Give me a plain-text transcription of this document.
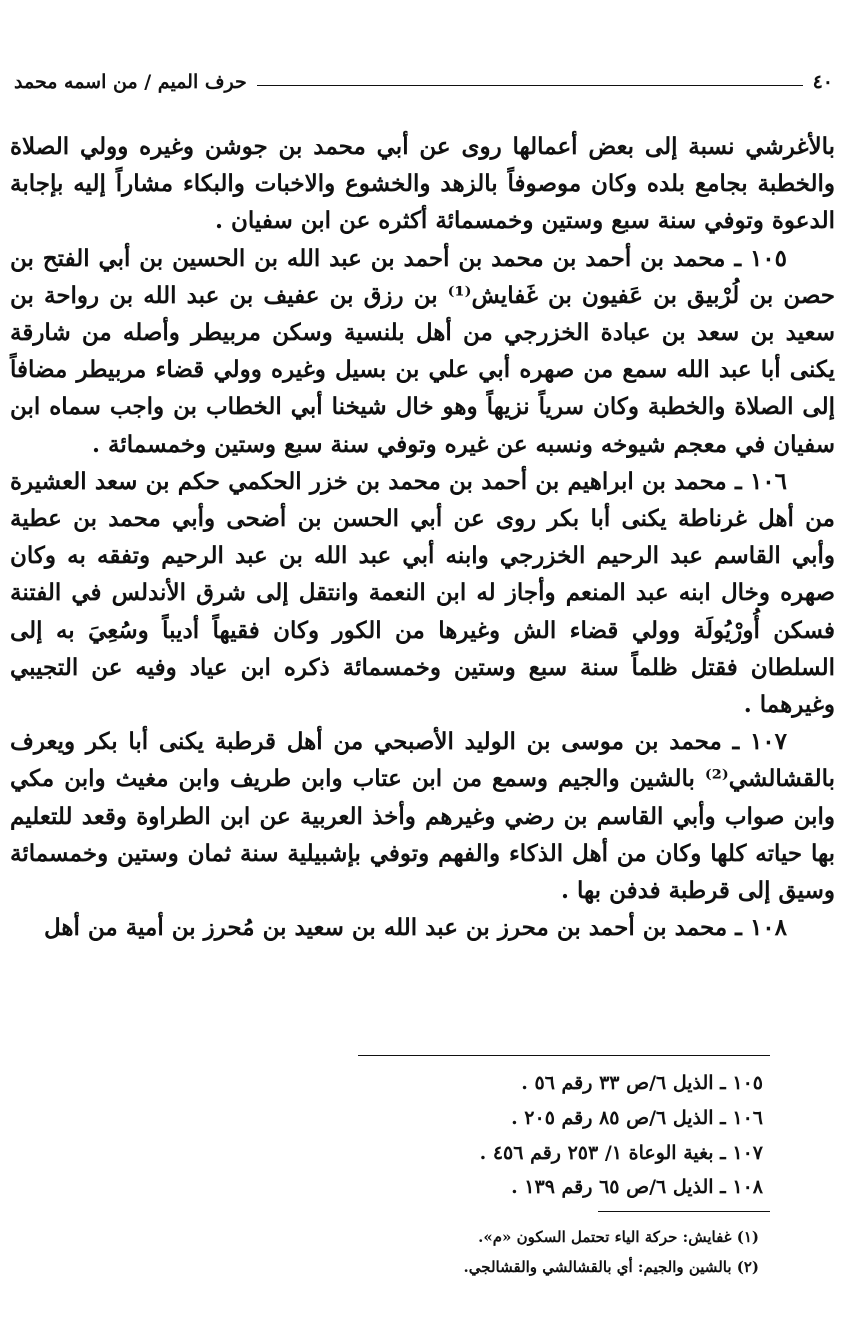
٤٠
حرف الميم / من اسمه محمد

بالأغرشي نسبة إلى بعض أعمالها روى عن أبي محمد بن جوشن وغيره وولي الصلاة والخطبة بجامع بلده وكان موصوفاً بالزهد والخشوع والاخبات والبكاء مشاراً إليه بإجابة الدعوة وتوفي سنة سبع وستين وخمسمائة أكثره عن ابن سفيان .

١٠٥ ـ محمد بن أحمد بن محمد بن أحمد بن عبد الله بن الحسين بن أبي الفتح بن حصن بن لُرْبيق بن عَفيون بن غَفايش⁽¹⁾ بن رزق بن عفيف بن عبد الله بن رواحة بن سعيد بن سعد بن عبادة الخزرجي من أهل بلنسية وسكن مربيطر وأصله من شارقة يكنى أبا عبد الله سمع من صهره أبي علي بن بسيل وغيره وولي قضاء مربيطر مضافاً إلى الصلاة والخطبة وكان سرياً نزيهاً وهو خال شيخنا أبي الخطاب بن واجب سماه ابن سفيان في معجم شيوخه ونسبه عن غيره وتوفي سنة سبع وستين وخمسمائة .

١٠٦ ـ محمد بن ابراهيم بن أحمد بن محمد بن خزر الحكمي حكم بن سعد العشيرة من أهل غرناطة يكنى أبا بكر روى عن أبي الحسن بن أضحى وأبي محمد بن عطية وأبي القاسم عبد الرحيم الخزرجي وابنه أبي عبد الله بن عبد الرحيم وتفقه به وكان صهره وخال ابنه عبد المنعم وأجاز له ابن النعمة وانتقل إلى شرق الأندلس في الفتنة فسكن أُورْيُولَة وولي قضاء الش وغيرها من الكور وكان فقيهاً أديباً وسُعِيَ به إلى السلطان فقتل ظلماً سنة سبع وستين وخمسمائة ذكره ابن عياد وفيه عن التجيبي وغيرهما .

١٠٧ ـ محمد بن موسى بن الوليد الأصبحي من أهل قرطبة يكنى أبا بكر ويعرف بالقشالشي⁽²⁾ بالشين والجيم وسمع من ابن عتاب وابن طريف وابن مغيث وابن مكي وابن صواب وأبي القاسم بن رضي وغيرهم وأخذ العربية عن ابن الطراوة وقعد للتعليم بها حياته كلها وكان من أهل الذكاء والفهم وتوفي بإشبيلية سنة ثمان وستين وخمسمائة وسيق إلى قرطبة فدفن بها .

١٠٨ ـ محمد بن أحمد بن محرز بن عبد الله بن سعيد بن مُحرز بن أمية من أهل

١٠٥ ـ الذيل ٦/ص ٣٣ رقم ٥٦ .
١٠٦ ـ الذيل ٦/ص ٨٥ رقم ٢٠٥ .
١٠٧ ـ بغية الوعاة ١/ ٢٥٣ رقم ٤٥٦ .
١٠٨ ـ الذيل ٦/ص ٦٥ رقم ١٣٩ .
(١) غفايش: حركة الياء تحتمل السكون «م».
(٢) بالشين والجيم: أي بالقشالشي والقشالجي.
